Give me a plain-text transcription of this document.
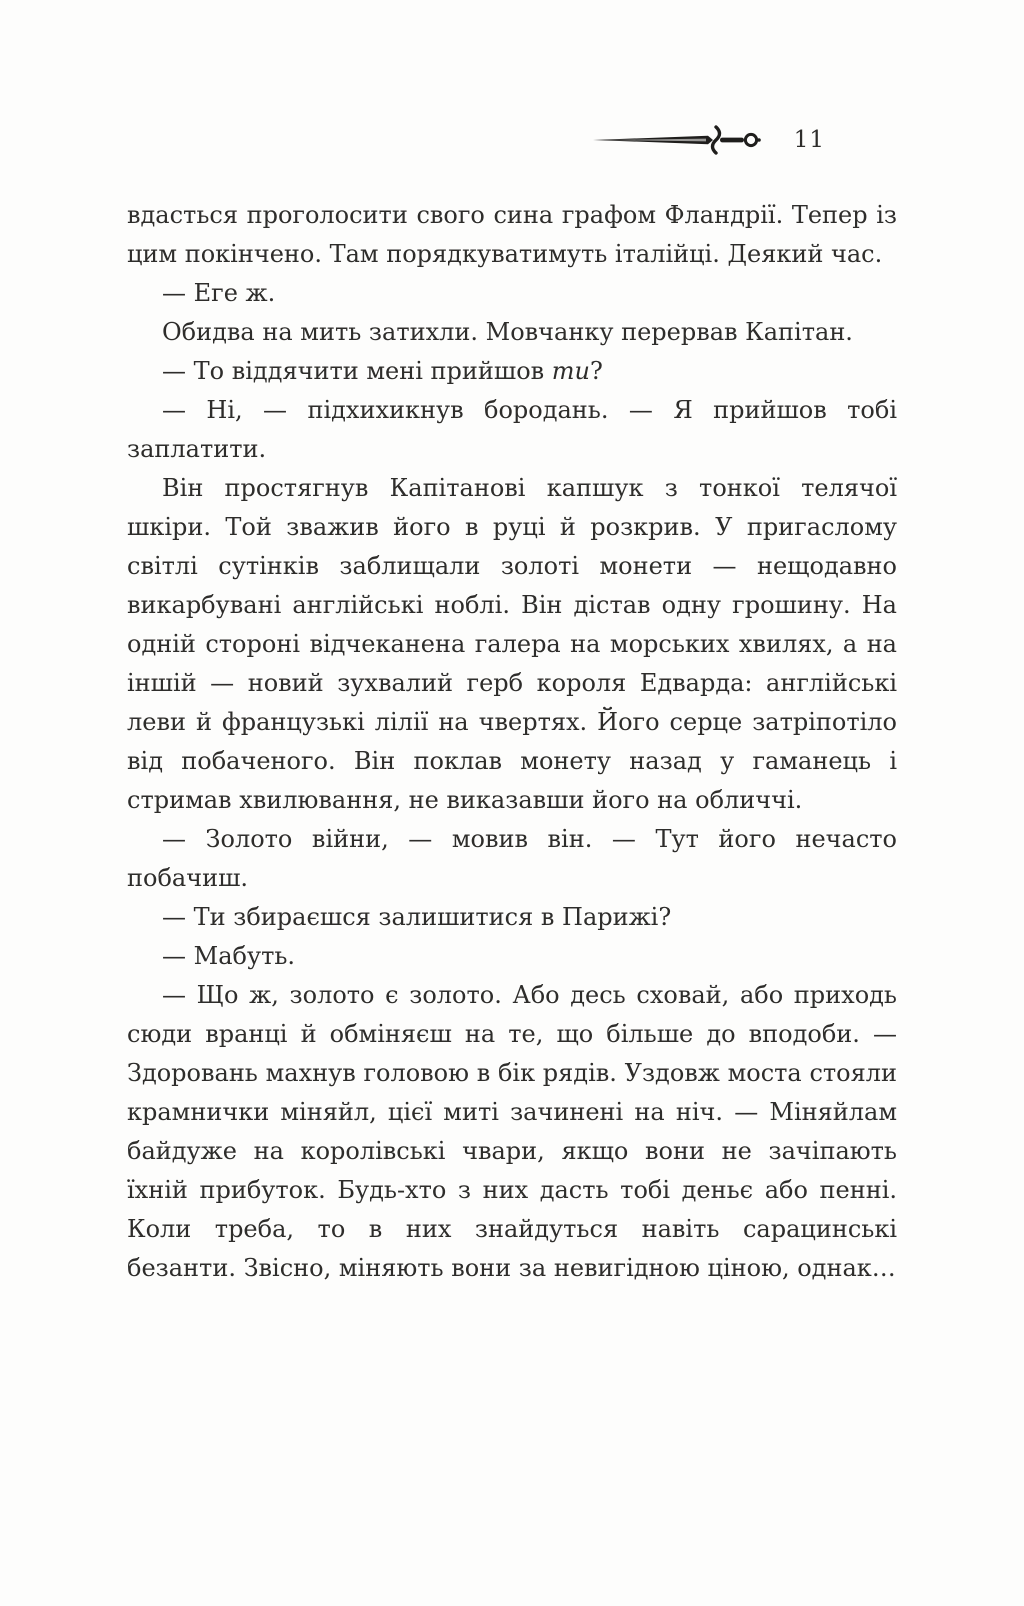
11

вдасться проголосити свого сина графом Фландрії. Тепер із цим покінчено. Там порядкуватимуть італійці. Деякий час.

— Еге ж.

Обидва на мить затихли. Мовчанку перервав Капітан.

— То віддячити мені прийшов ти?

— Ні, — підхихикнув бородань. — Я прийшов тобі заплатити.

Він простягнув Капітанові капшук з тонкої телячої шкіри. Той зважив його в руці й розкрив. У пригаслому світлі сутінків заблищали золоті монети — нещодавно викарбувані англійські ноблі. Він дістав одну грошину. На одній стороні відчеканена галера на морських хвилях, а на іншій — новий зухвалий герб короля Едварда: англійські леви й французькі лілії на чвертях. Його серце затріпотіло від побаченого. Він поклав монету назад у гаманець і стримав хвилювання, не виказавши його на обличчі.

— Золото війни, — мовив він. — Тут його нечасто побачиш.

— Ти збираєшся залишитися в Парижі?

— Мабуть.

— Що ж, золото є золото. Або десь сховай, або приходь сюди вранці й обміняєш на те, що більше до вподоби. — Здоровань махнув головою в бік рядів. Уздовж моста стояли крамнички міняйл, цієї миті зачинені на ніч. — Міняйлам байдуже на королівські чвари, якщо вони не зачіпають їхній прибуток. Будь-хто з них дасть тобі деньє або пенні. Коли треба, то в них знайдуться навіть сарацинські безанти. Звісно, міняють вони за невигідною ціною, однак…
